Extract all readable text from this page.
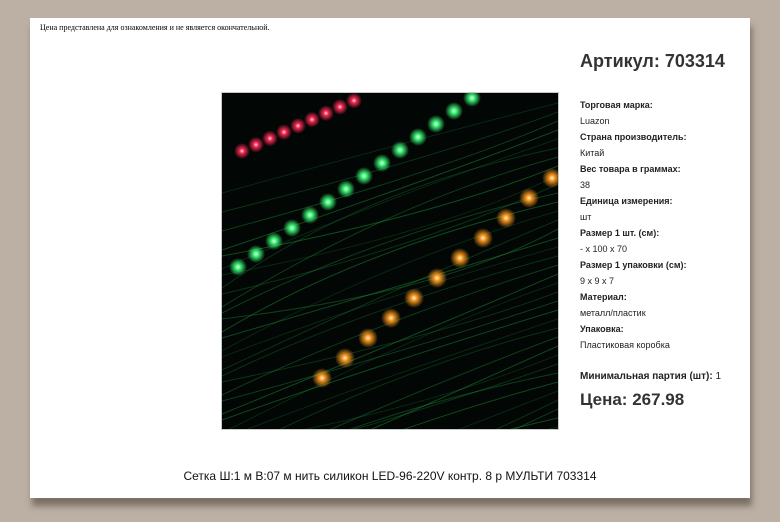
Цена представлена для ознакомления и не является окончательной.
Артикул: 703314
Торговая марка:
Luazon
Страна производитель:
Китай
Вес товара в граммах:
38
Единица измерения:
шт
Размер 1 шт. (см):
- x 100 x 70
Размер 1 упаковки (см):
9 x 9 x 7
Материал:
металл/пластик
Упаковка:
Пластиковая коробка
Минимальная партия (шт): 1
Цена: 267.98
Сетка Ш:1 м В:07 м нить силикон LED-96-220V контр. 8 р МУЛЬТИ 703314
